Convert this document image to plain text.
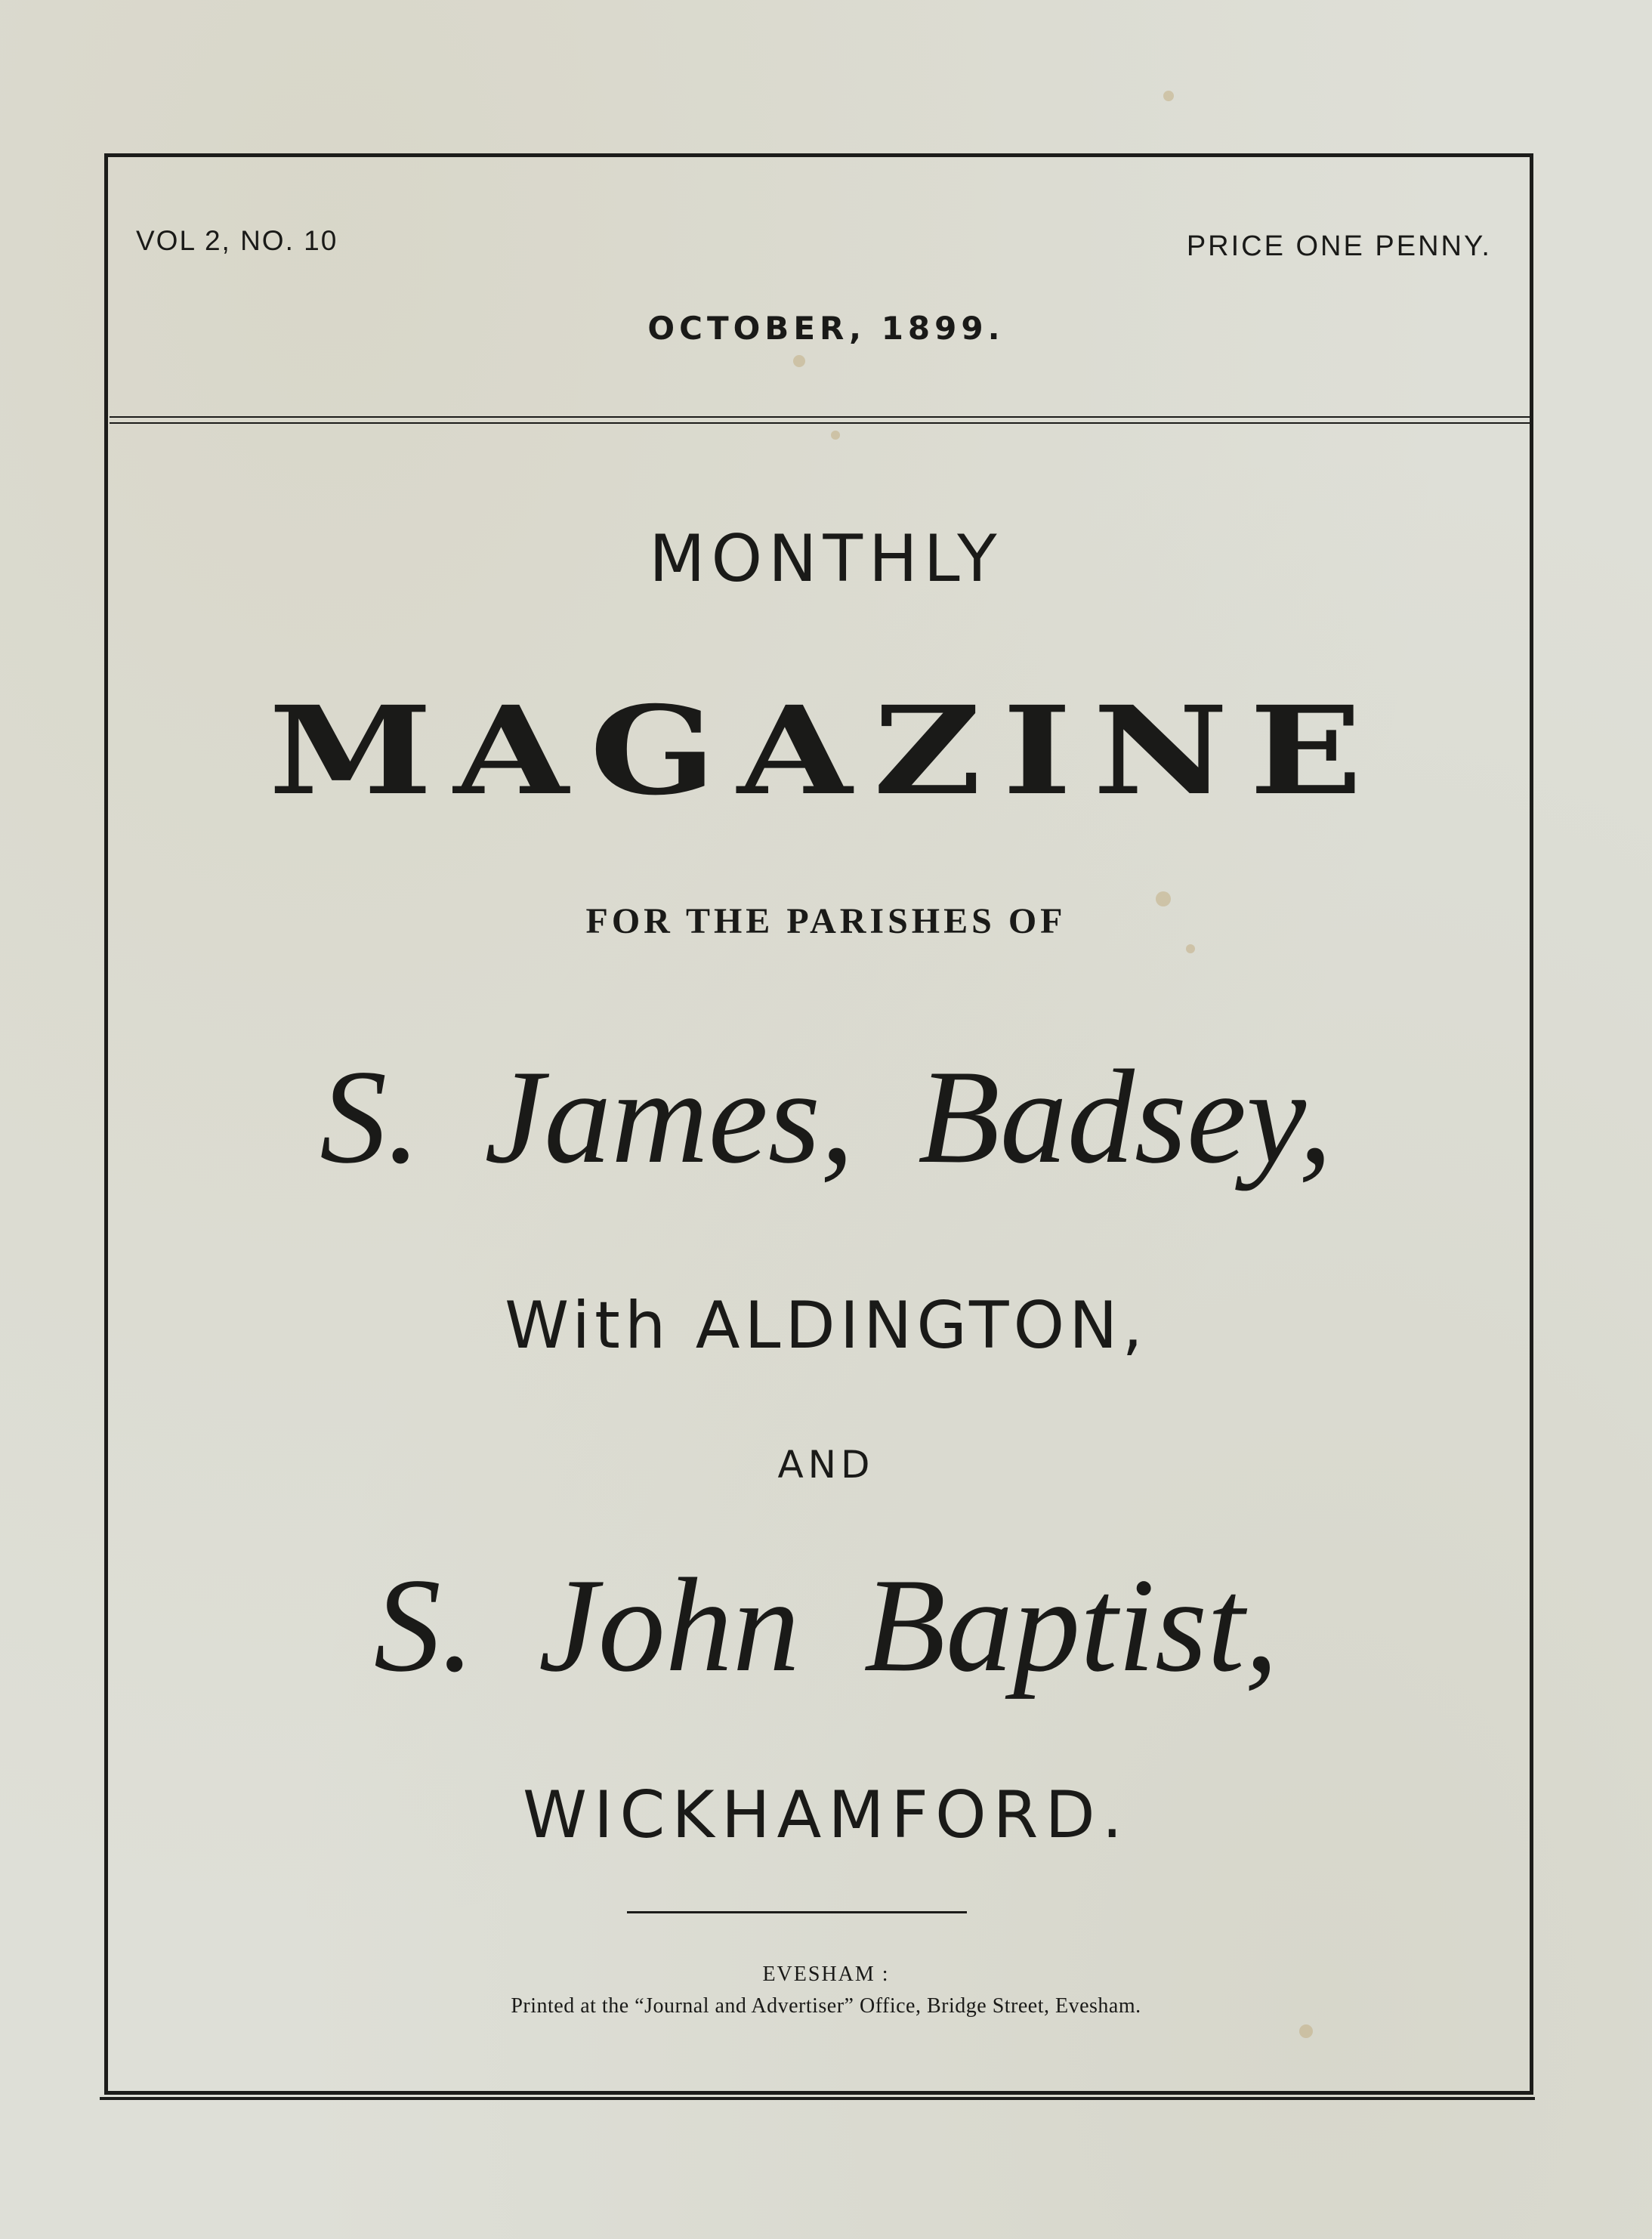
VOL 2, NO. 10	PRICE ONE PENNY.
OCTOBER, 1899.
MONTHLY
MAGAZINE
FOR THE PARISHES OF
S. James, Badsey,
With ALDINGTON,
AND
S. John Baptist,
WICKHAMFORD.
EVESHAM :
Printed at the “Journal and Advertiser” Office, Bridge Street, Evesham.
